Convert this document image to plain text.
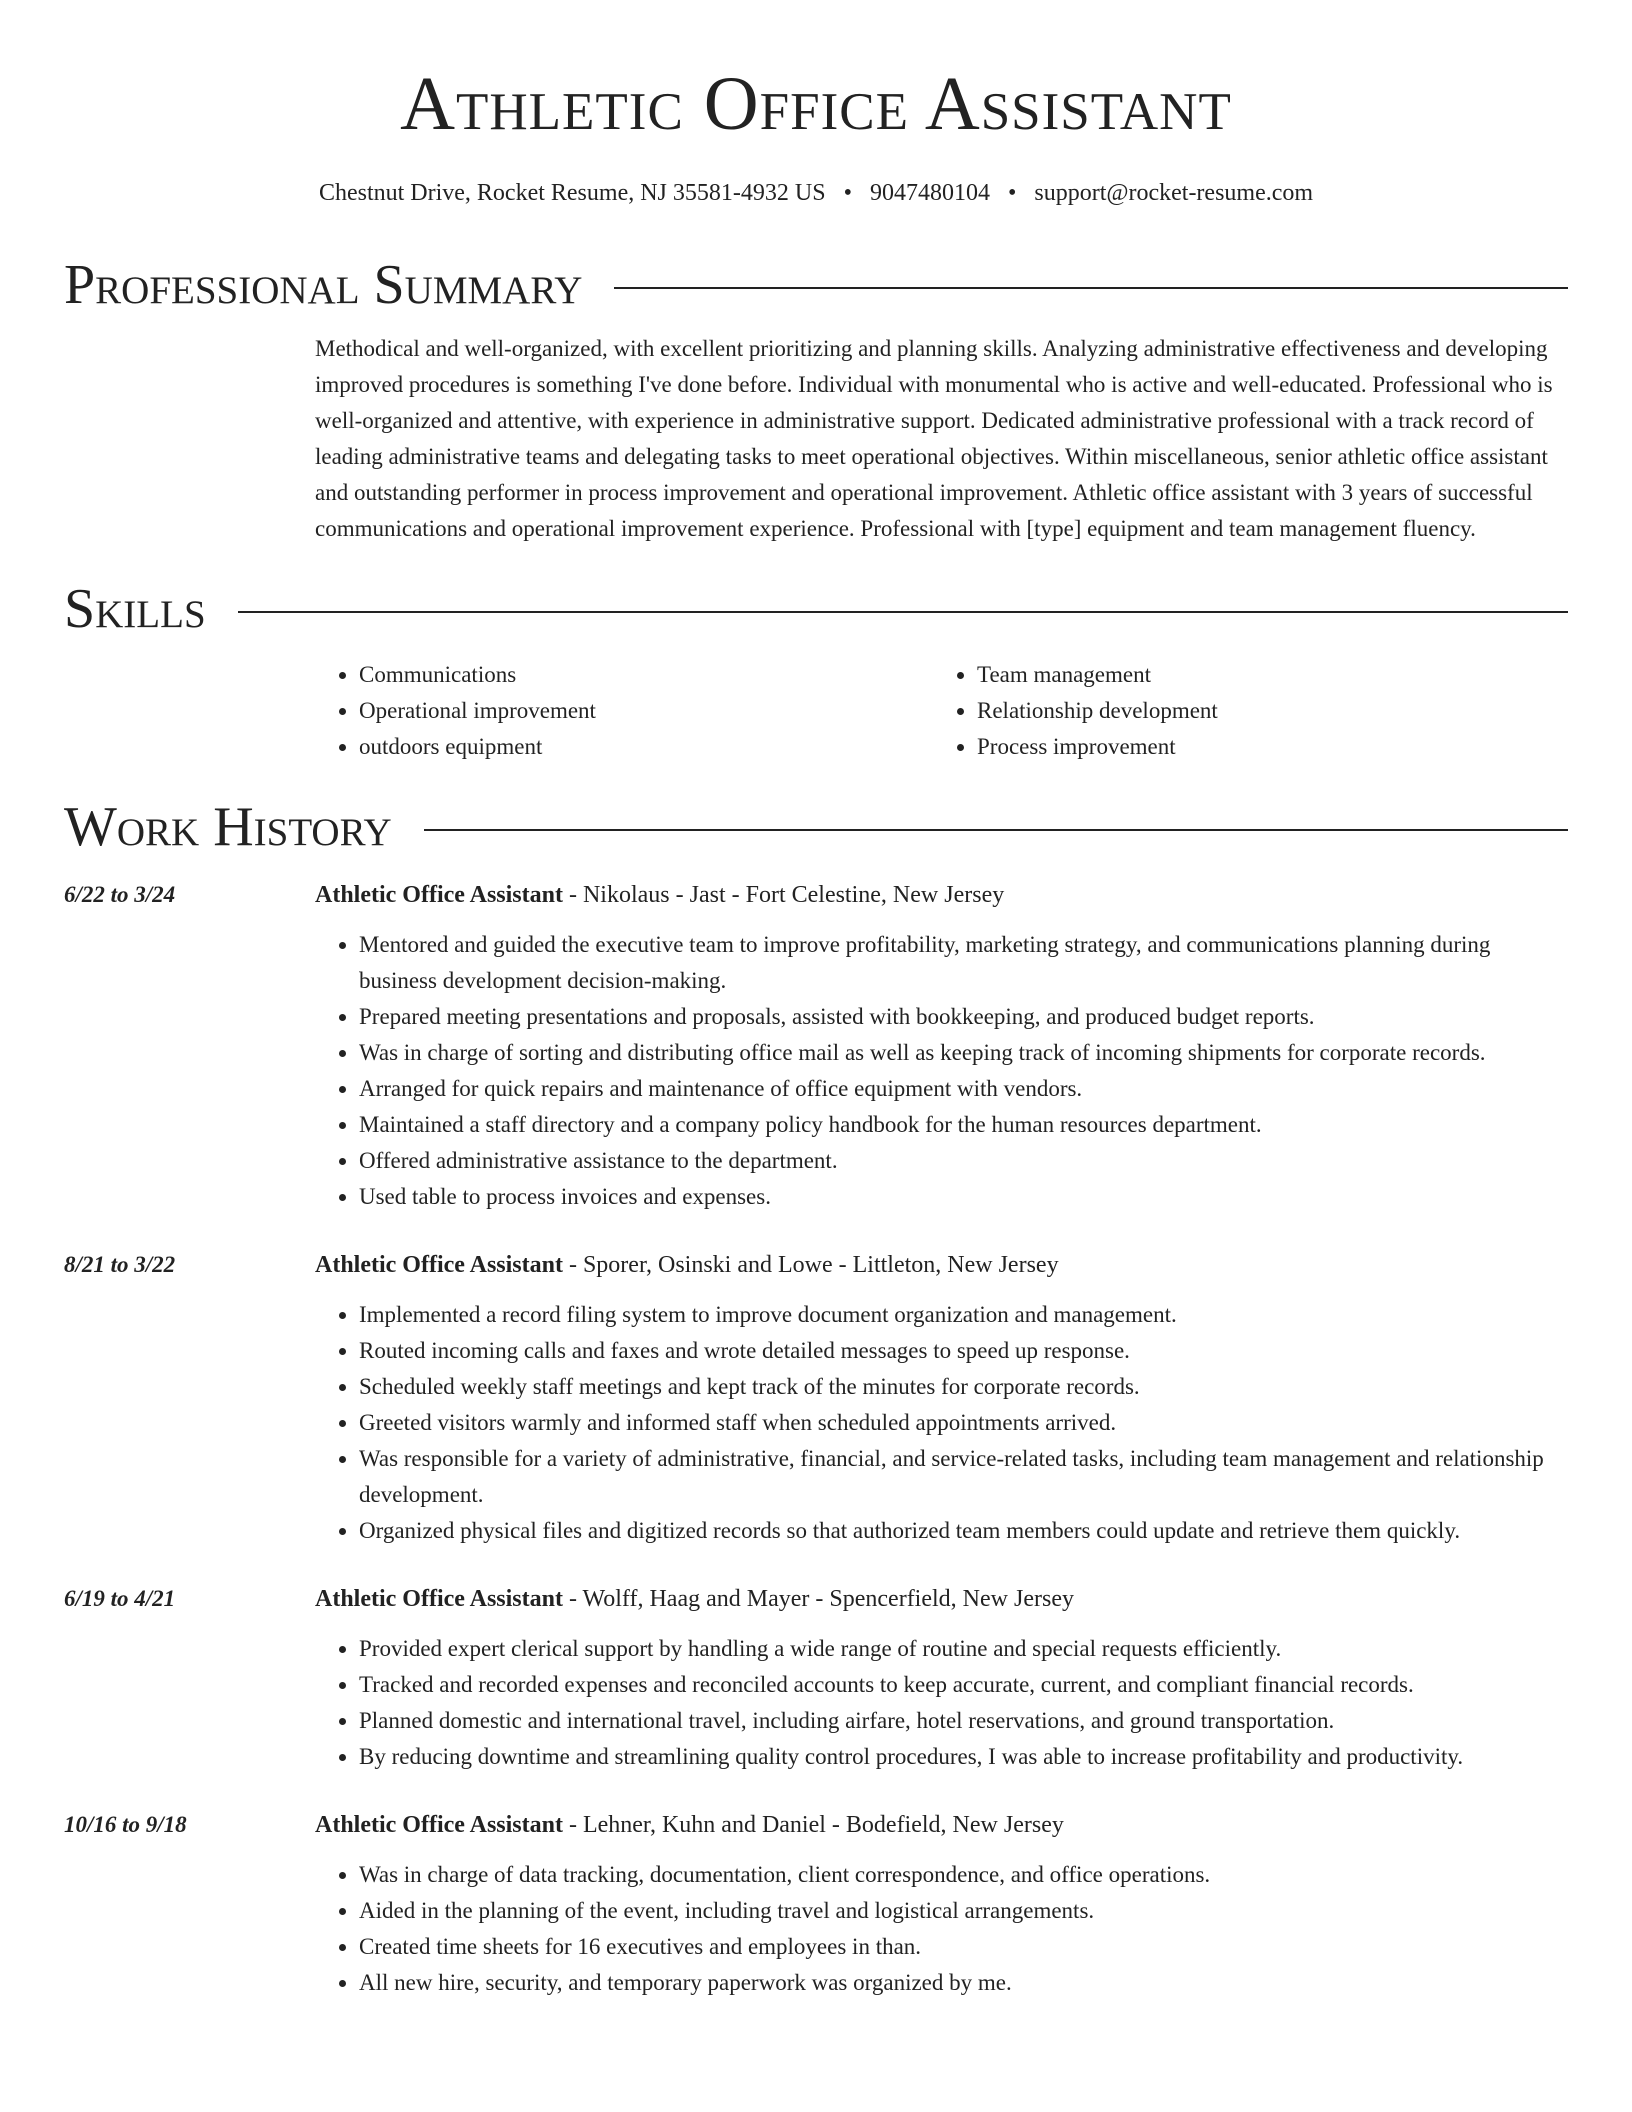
Athletic Office Assistant
Chestnut Drive, Rocket Resume, NJ 35581-4932 US • 9047480104 • support@rocket-resume.com
Professional Summary
Methodical and well-organized, with excellent prioritizing and planning skills. Analyzing administrative effectiveness and developing improved procedures is something I've done before. Individual with monumental who is active and well-educated. Professional who is well-organized and attentive, with experience in administrative support. Dedicated administrative professional with a track record of leading administrative teams and delegating tasks to meet operational objectives. Within miscellaneous, senior athletic office assistant and outstanding performer in process improvement and operational improvement. Athletic office assistant with 3 years of successful communications and operational improvement experience. Professional with [type] equipment and team management fluency.
Skills
• Communications
• Operational improvement
• outdoors equipment
• Team management
• Relationship development
• Process improvement
Work History
6/22 to 3/24	Athletic Office Assistant - Nikolaus - Jast - Fort Celestine, New Jersey
• Mentored and guided the executive team to improve profitability, marketing strategy, and communications planning during business development decision-making.
• Prepared meeting presentations and proposals, assisted with bookkeeping, and produced budget reports.
• Was in charge of sorting and distributing office mail as well as keeping track of incoming shipments for corporate records.
• Arranged for quick repairs and maintenance of office equipment with vendors.
• Maintained a staff directory and a company policy handbook for the human resources department.
• Offered administrative assistance to the department.
• Used table to process invoices and expenses.
8/21 to 3/22	Athletic Office Assistant - Sporer, Osinski and Lowe - Littleton, New Jersey
• Implemented a record filing system to improve document organization and management.
• Routed incoming calls and faxes and wrote detailed messages to speed up response.
• Scheduled weekly staff meetings and kept track of the minutes for corporate records.
• Greeted visitors warmly and informed staff when scheduled appointments arrived.
• Was responsible for a variety of administrative, financial, and service-related tasks, including team management and relationship development.
• Organized physical files and digitized records so that authorized team members could update and retrieve them quickly.
6/19 to 4/21	Athletic Office Assistant - Wolff, Haag and Mayer - Spencerfield, New Jersey
• Provided expert clerical support by handling a wide range of routine and special requests efficiently.
• Tracked and recorded expenses and reconciled accounts to keep accurate, current, and compliant financial records.
• Planned domestic and international travel, including airfare, hotel reservations, and ground transportation.
• By reducing downtime and streamlining quality control procedures, I was able to increase profitability and productivity.
10/16 to 9/18	Athletic Office Assistant - Lehner, Kuhn and Daniel - Bodefield, New Jersey
• Was in charge of data tracking, documentation, client correspondence, and office operations.
• Aided in the planning of the event, including travel and logistical arrangements.
• Created time sheets for 16 executives and employees in than.
• All new hire, security, and temporary paperwork was organized by me.
